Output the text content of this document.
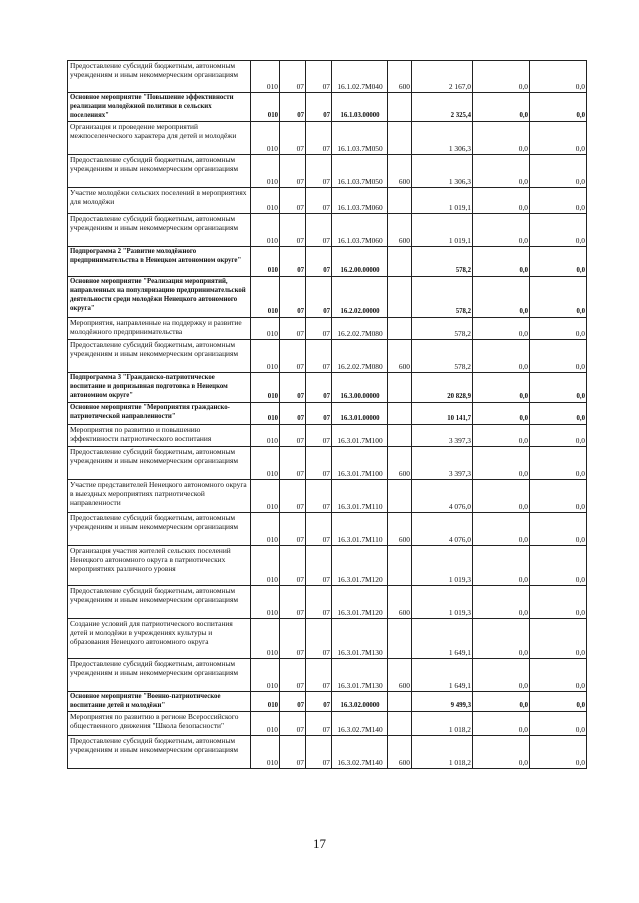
Предоставление субсидий бюджетным, автономным учреждениям и иным некоммерческим организациям	010	07	07	16.1.02.7М040	600	2 167,0	0,0	0,0
Основное мероприятие "Повышение эффективности реализации молодёжной политики в сельских поселениях"	010	07	07	16.1.03.00000		2 325,4	0,0	0,0
Организация и проведение мероприятий межпоселенческого характера для детей и молодёжи	010	07	07	16.1.03.7М050		1 306,3	0,0	0,0
Предоставление субсидий бюджетным, автономным учреждениям и иным некоммерческим организациям	010	07	07	16.1.03.7М050	600	1 306,3	0,0	0,0
Участие молодёжи сельских поселений в мероприятиях для молодёжи	010	07	07	16.1.03.7М060		1 019,1	0,0	0,0
Предоставление субсидий бюджетным, автономным учреждениям и иным некоммерческим организациям	010	07	07	16.1.03.7М060	600	1 019,1	0,0	0,0
Подпрограмма 2 "Развитие молодёжного предпринимательства в Ненецком автономном округе"	010	07	07	16.2.00.00000		578,2	0,0	0,0
Основное мероприятие "Реализация мероприятий, направленных на популяризацию предпринимательской деятельности среди молодёжи Ненецкого автономного округа"	010	07	07	16.2.02.00000		578,2	0,0	0,0
Мероприятия, направленные на поддержку и развитие молодёжного предпринимательства	010	07	07	16.2.02.7М080		578,2	0,0	0,0
Предоставление субсидий бюджетным, автономным учреждениям и иным некоммерческим организациям	010	07	07	16.2.02.7М080	600	578,2	0,0	0,0
Подпрограмма 3 "Гражданско-патриотическое воспитание и допризывная подготовка в Ненецком автономном округе"	010	07	07	16.3.00.00000		20 828,9	0,0	0,0
Основное мероприятие "Мероприятия гражданско-патриотической направленности"	010	07	07	16.3.01.00000		10 141,7	0,0	0,0
Мероприятия по развитию и повышению эффективности патриотического воспитания	010	07	07	16.3.01.7М100		3 397,3	0,0	0,0
Предоставление субсидий бюджетным, автономным учреждениям и иным некоммерческим организациям	010	07	07	16.3.01.7М100	600	3 397,3	0,0	0,0
Участие представителей Ненецкого автономного округа в выездных мероприятиях патриотической направленности	010	07	07	16.3.01.7М110		4 076,0	0,0	0,0
Предоставление субсидий бюджетным, автономным учреждениям и иным некоммерческим организациям	010	07	07	16.3.01.7М110	600	4 076,0	0,0	0,0
Организация участия жителей сельских поселений Ненецкого автономного округа в патриотических мероприятиях различного уровня	010	07	07	16.3.01.7М120		1 019,3	0,0	0,0
Предоставление субсидий бюджетным, автономным учреждениям и иным некоммерческим организациям	010	07	07	16.3.01.7М120	600	1 019,3	0,0	0,0
Создание условий для патриотического воспитания детей и молодёжи в учреждениях культуры и образования Ненецкого автономного округа	010	07	07	16.3.01.7М130		1 649,1	0,0	0,0
Предоставление субсидий бюджетным, автономным учреждениям и иным некоммерческим организациям	010	07	07	16.3.01.7М130	600	1 649,1	0,0	0,0
Основное мероприятие "Военно-патриотическое воспитание детей и молодёжи"	010	07	07	16.3.02.00000		9 499,3	0,0	0,0
Мероприятия по развитию в регионе Всероссийского общественного движения "Школа безопасности"	010	07	07	16.3.02.7М140		1 018,2	0,0	0,0
Предоставление субсидий бюджетным, автономным учреждениям и иным некоммерческим организациям	010	07	07	16.3.02.7М140	600	1 018,2	0,0	0,0
17
